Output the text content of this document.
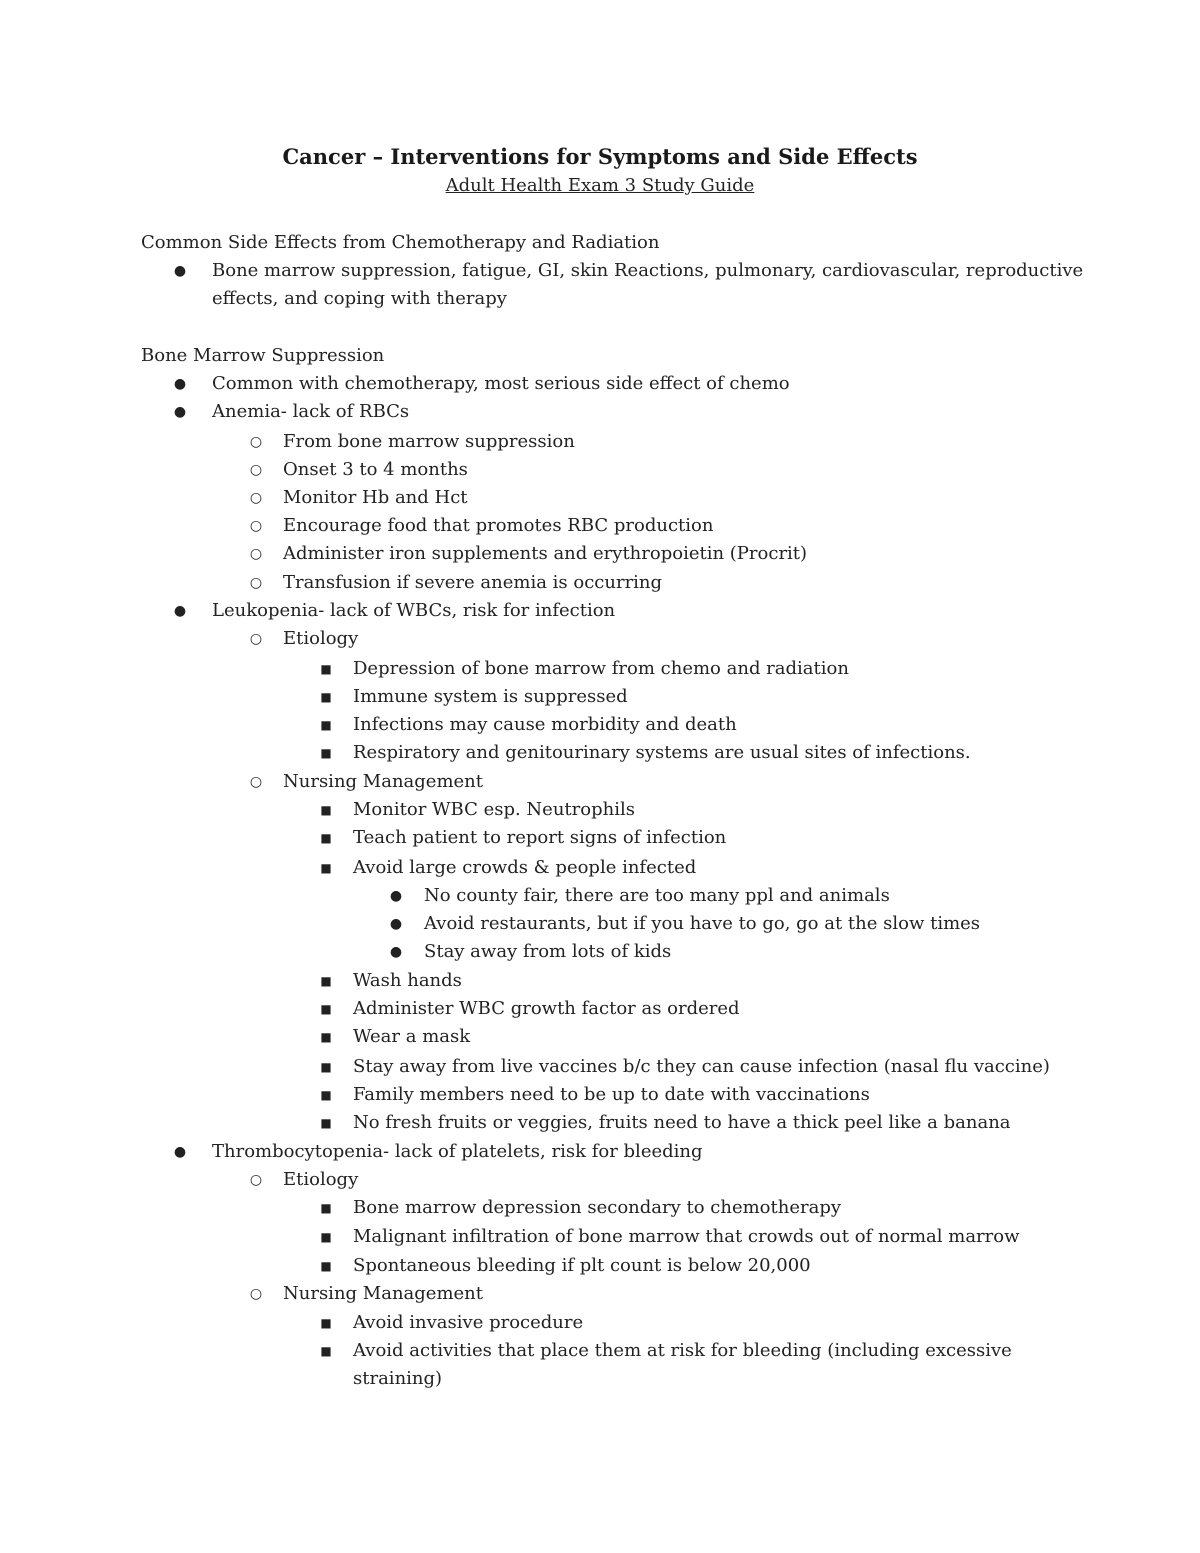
Cancer – Interventions for Symptoms and Side Effects
Adult Health Exam 3 Study Guide
Common Side Effects from Chemotherapy and Radiation
● Bone marrow suppression, fatigue, GI, skin Reactions, pulmonary, cardiovascular, reproductive
effects, and coping with therapy
Bone Marrow Suppression
● Common with chemotherapy, most serious side effect of chemo
● Anemia- lack of RBCs
○ From bone marrow suppression
○ Onset 3 to 4 months
○ Monitor Hb and Hct
○ Encourage food that promotes RBC production
○ Administer iron supplements and erythropoietin (Procrit)
○ Transfusion if severe anemia is occurring
● Leukopenia- lack of WBCs, risk for infection
○ Etiology
■ Depression of bone marrow from chemo and radiation
■ Immune system is suppressed
■ Infections may cause morbidity and death
■ Respiratory and genitourinary systems are usual sites of infections.
○ Nursing Management
■ Monitor WBC esp. Neutrophils
■ Teach patient to report signs of infection
■ Avoid large crowds & people infected
● No county fair, there are too many ppl and animals
● Avoid restaurants, but if you have to go, go at the slow times
● Stay away from lots of kids
■ Wash hands
■ Administer WBC growth factor as ordered
■ Wear a mask
■ Stay away from live vaccines b/c they can cause infection (nasal flu vaccine)
■ Family members need to be up to date with vaccinations
■ No fresh fruits or veggies, fruits need to have a thick peel like a banana
● Thrombocytopenia- lack of platelets, risk for bleeding
○ Etiology
■ Bone marrow depression secondary to chemotherapy
■ Malignant infiltration of bone marrow that crowds out of normal marrow
■ Spontaneous bleeding if plt count is below 20,000
○ Nursing Management
■ Avoid invasive procedure
■ Avoid activities that place them at risk for bleeding (including excessive
straining)
